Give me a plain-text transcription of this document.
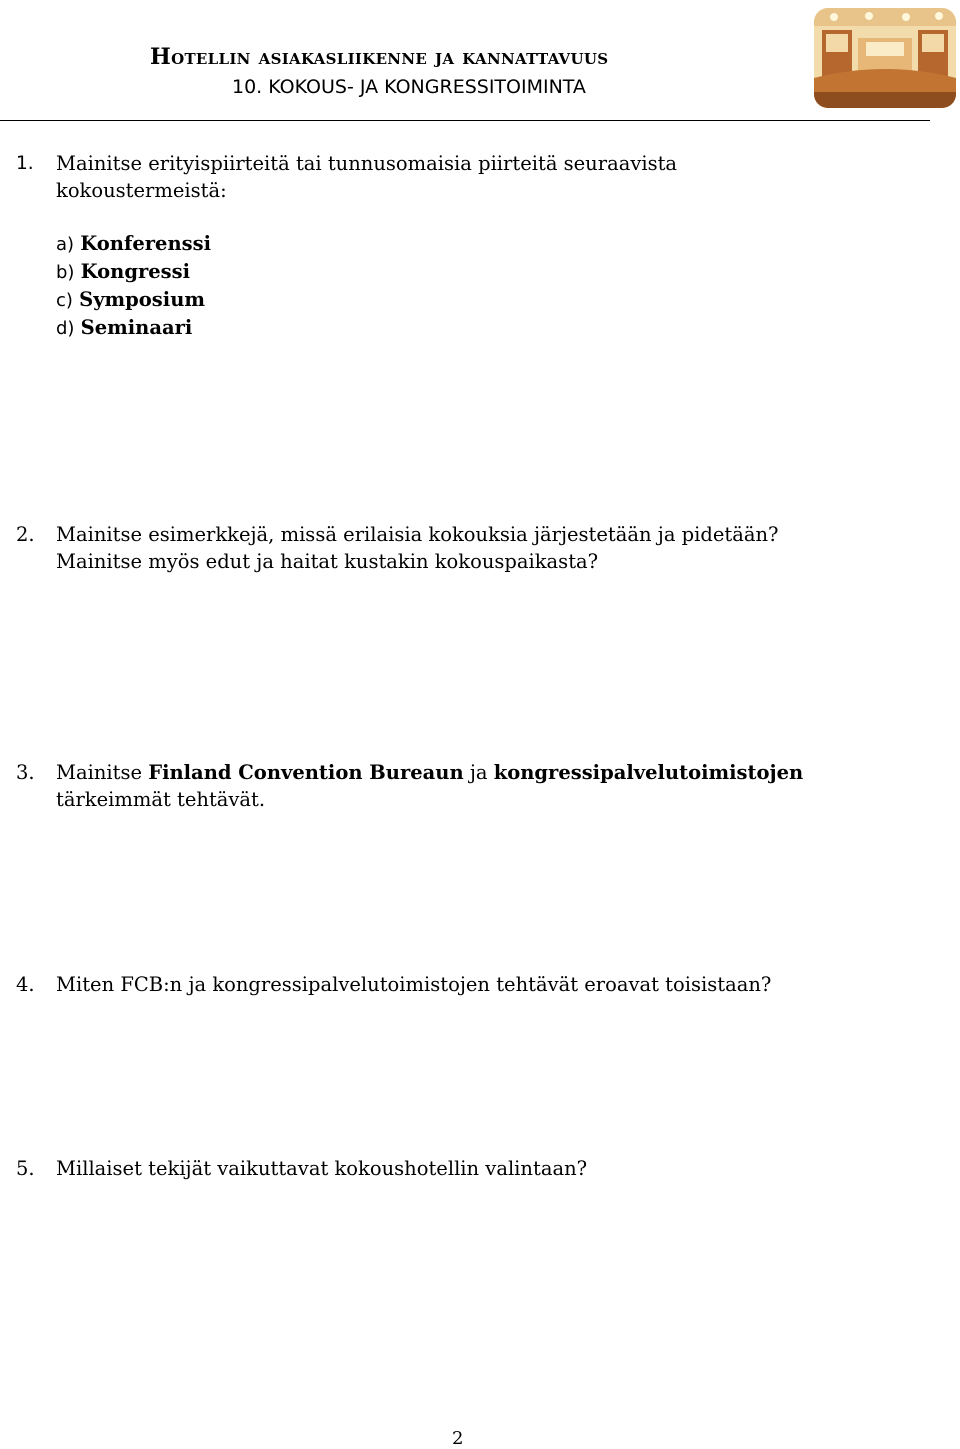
Hotellin asiakasliikenne ja kannattavuus
10. KOKOUS- JA KONGRESSITOIMINTA
1. Mainitse erityispiirteitä tai tunnusomaisia piirteitä seuraavista
kokoustermeistä:
a) Konferenssi
b) Kongressi
c) Symposium
d) Seminaari
2. Mainitse esimerkkejä, missä erilaisia kokouksia järjestetään ja pidetään?
Mainitse myös edut ja haitat kustakin kokouspaikasta?
3. Mainitse Finland Convention Bureaun ja kongressipalvelutoimistojen
tärkeimmät tehtävät.
4. Miten FCB:n ja kongressipalvelutoimistojen tehtävät eroavat toisistaan?
5. Millaiset tekijät vaikuttavat kokoushotellin valintaan?
2
